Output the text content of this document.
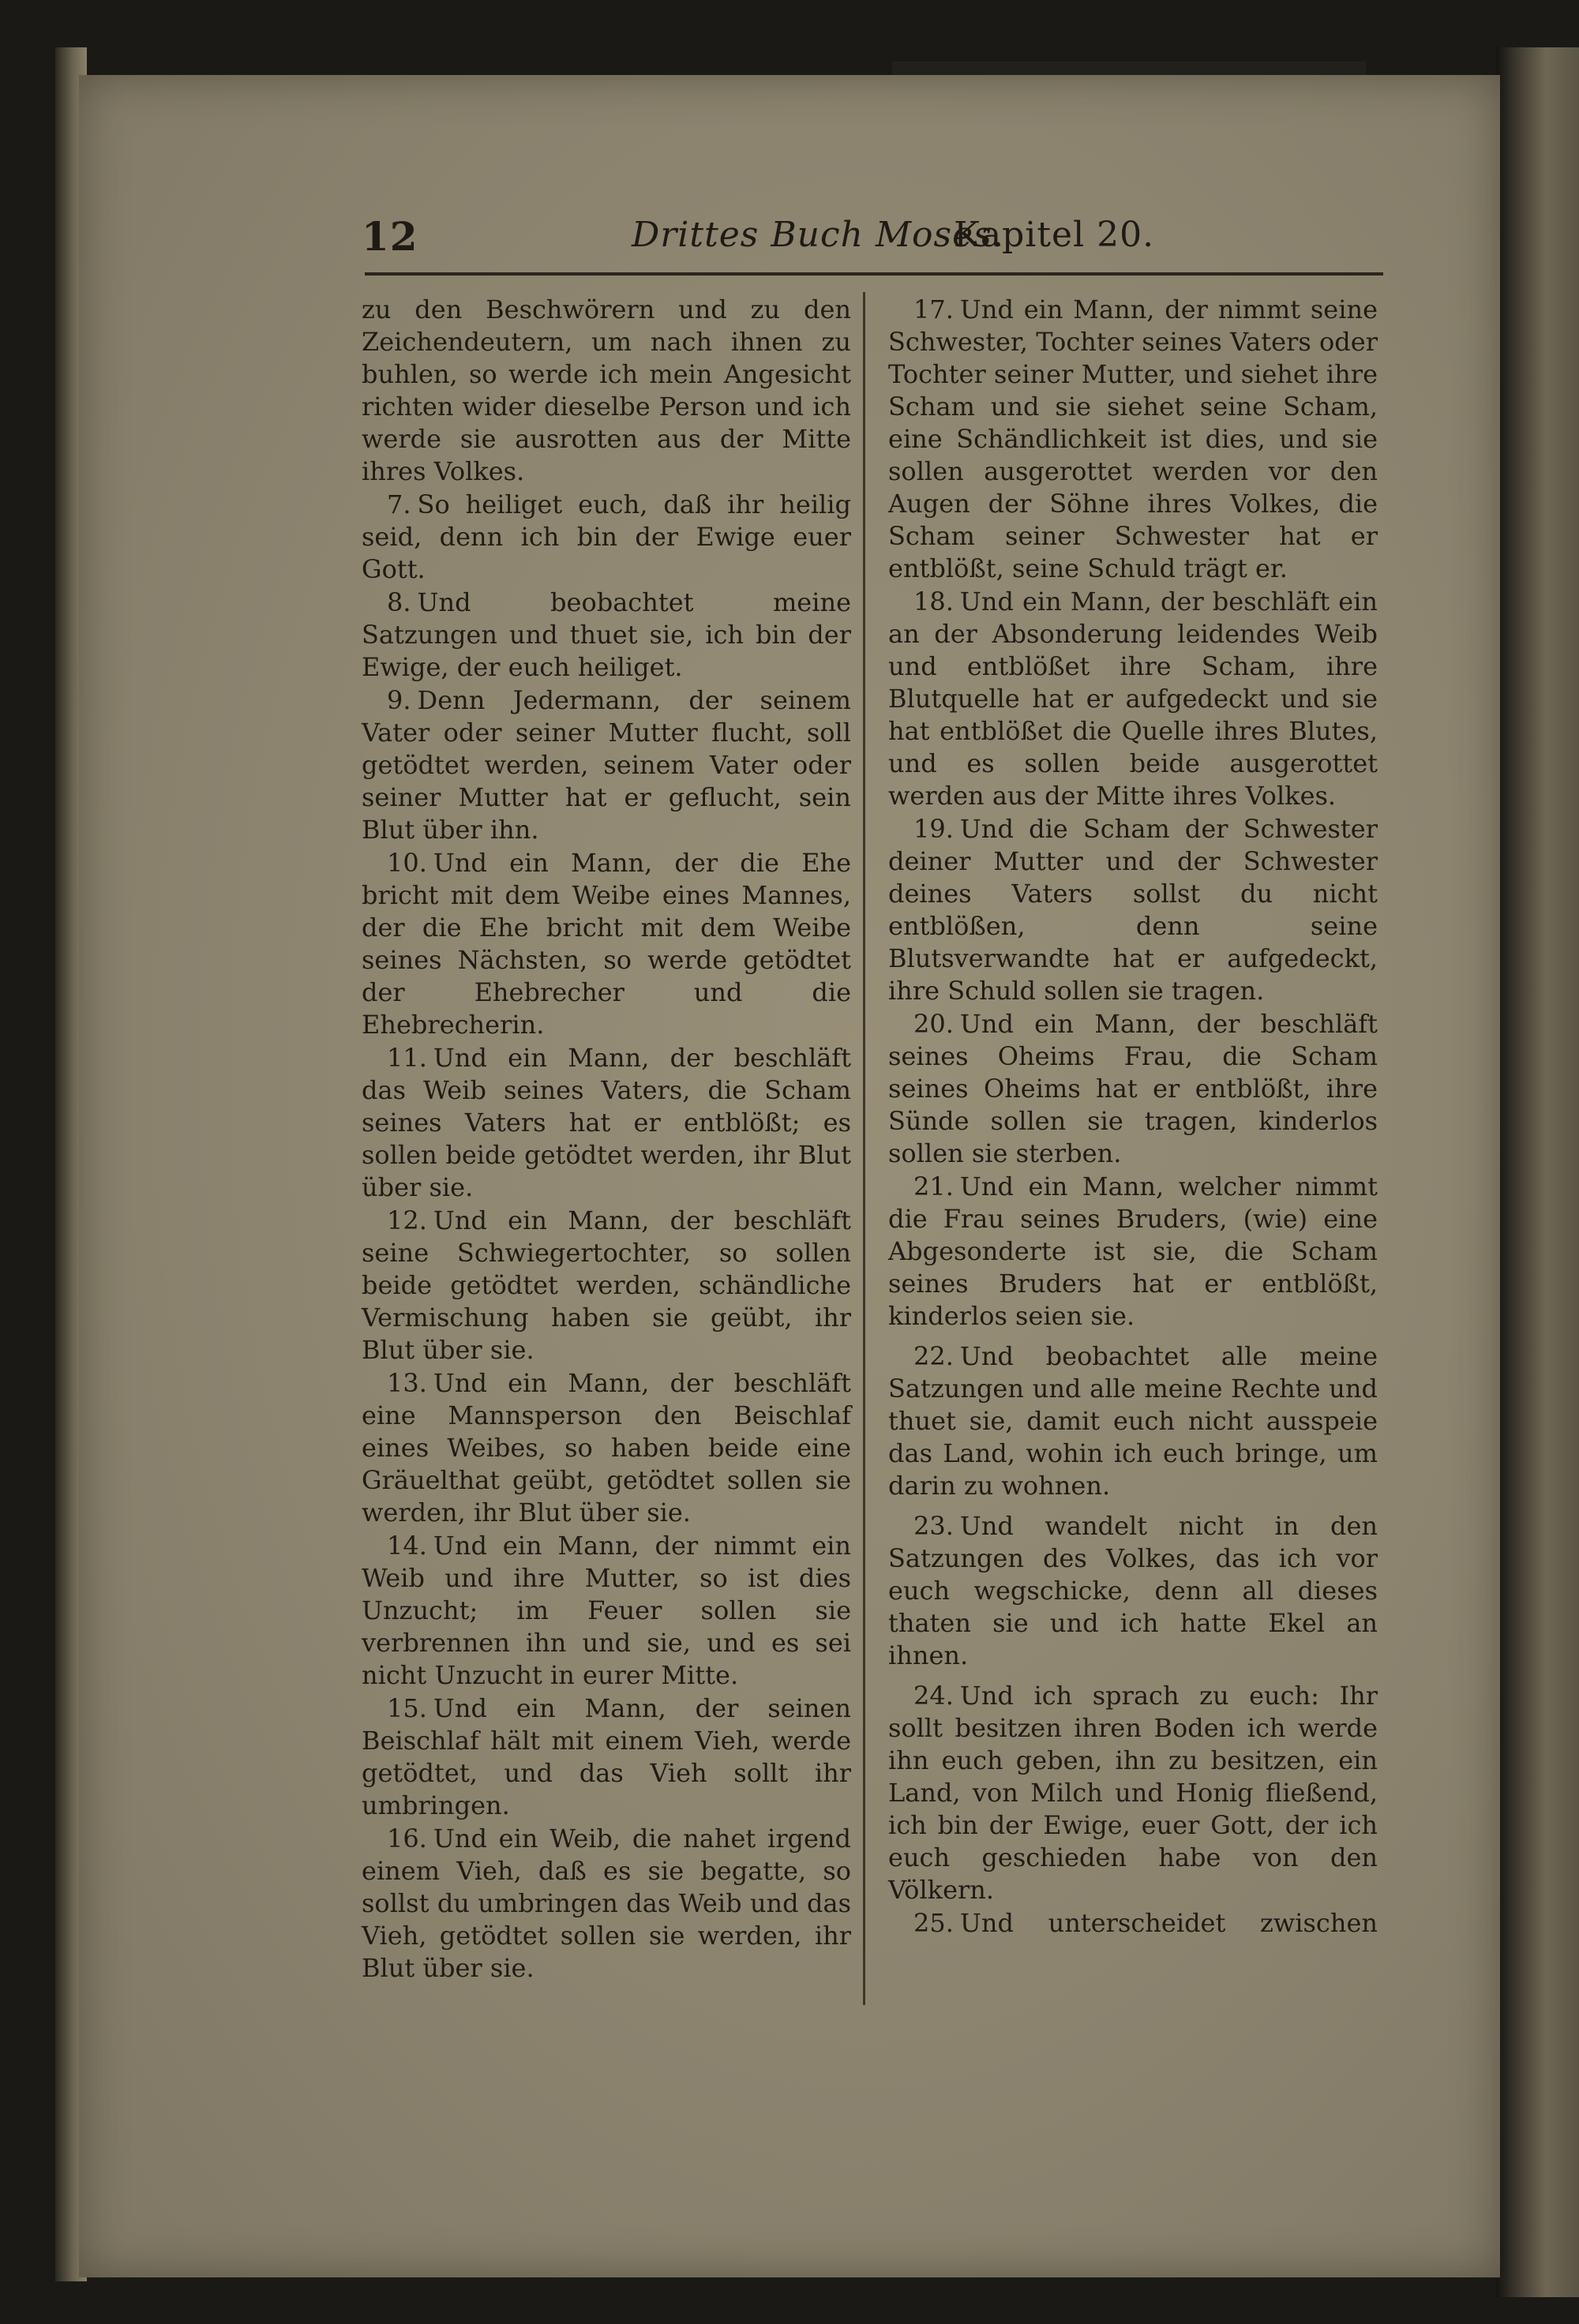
12	Drittes Buch Moses.
Kapitel 20.

zu den Beschwörern und zu den Zeichendeutern, um nach ihnen zu buhlen, so werde ich mein Angesicht richten wider dieselbe Person und ich werde sie ausrotten aus der Mitte ihres Volkes.

 7. So heiliget euch, daß ihr heilig seid, denn ich bin der Ewige euer Gott.

 8. Und beobachtet meine Satzungen und thuet sie, ich bin der Ewige, der euch heiliget.

 9. Denn Jedermann, der seinem Vater oder seiner Mutter flucht, soll getödtet werden, seinem Vater oder seiner Mutter hat er geflucht, sein Blut über ihn.

 10. Und ein Mann, der die Ehe bricht mit dem Weibe eines Mannes, der die Ehe bricht mit dem Weibe seines Nächsten, so werde getödtet der Ehebrecher und die Ehebrecherin.

 11. Und ein Mann, der beschläft das Weib seines Vaters, die Scham seines Vaters hat er entblößt; es sollen beide getödtet werden, ihr Blut über sie.

 12. Und ein Mann, der beschläft seine Schwiegertochter, so sollen beide getödtet werden, schändliche Vermischung haben sie geübt, ihr Blut über sie.

 13. Und ein Mann, der beschläft eine Mannsperson den Beischlaf eines Weibes, so haben beide eine Gräuelthat geübt, getödtet sollen sie werden, ihr Blut über sie.

 14. Und ein Mann, der nimmt ein Weib und ihre Mutter, so ist dies Unzucht; im Feuer sollen sie verbrennen ihn und sie, und es sei nicht Unzucht in eurer Mitte.

 15. Und ein Mann, der seinen Beischlaf hält mit einem Vieh, werde getödtet, und das Vieh sollt ihr umbringen.

 16. Und ein Weib, die nahet irgend einem Vieh, daß es sie begatte, so sollst du umbringen das Weib und das Vieh, getödtet sollen sie werden, ihr Blut über sie.

 17. Und ein Mann, der nimmt seine Schwester, Tochter seines Vaters oder Tochter seiner Mutter, und siehet ihre Scham und sie siehet seine Scham, eine Schändlichkeit ist dies, und sie sollen ausgerottet werden vor den Augen der Söhne ihres Volkes, die Scham seiner Schwester hat er entblößt, seine Schuld trägt er.

 18. Und ein Mann, der beschläft ein an der Absonderung leidendes Weib und entblößet ihre Scham, ihre Blutquelle hat er aufgedeckt und sie hat entblößet die Quelle ihres Blutes, und es sollen beide ausgerottet werden aus der Mitte ihres Volkes.

 19. Und die Scham der Schwester deiner Mutter und der Schwester deines Vaters sollst du nicht entblößen, denn seine Blutsverwandte hat er aufgedeckt, ihre Schuld sollen sie tragen.

 20. Und ein Mann, der beschläft seines Oheims Frau, die Scham seines Oheims hat er entblößt, ihre Sünde sollen sie tragen, kinderlos sollen sie sterben.

 21. Und ein Mann, welcher nimmt die Frau seines Bruders, (wie) eine Abgesonderte ist sie, die Scham seines Bruders hat er entblößt, kinderlos seien sie.

 22. Und beobachtet alle meine Satzungen und alle meine Rechte und thuet sie, damit euch nicht ausspeie das Land, wohin ich euch bringe, um darin zu wohnen.

 23. Und wandelt nicht in den Satzungen des Volkes, das ich vor euch wegschicke, denn all dieses thaten sie und ich hatte Ekel an ihnen.

 24. Und ich sprach zu euch: Ihr sollt besitzen ihren Boden ich werde ihn euch geben, ihn zu besitzen, ein Land, von Milch und Honig fließend, ich bin der Ewige, euer Gott, der ich euch geschieden habe von den Völkern.

 25. Und unterscheidet zwischen
